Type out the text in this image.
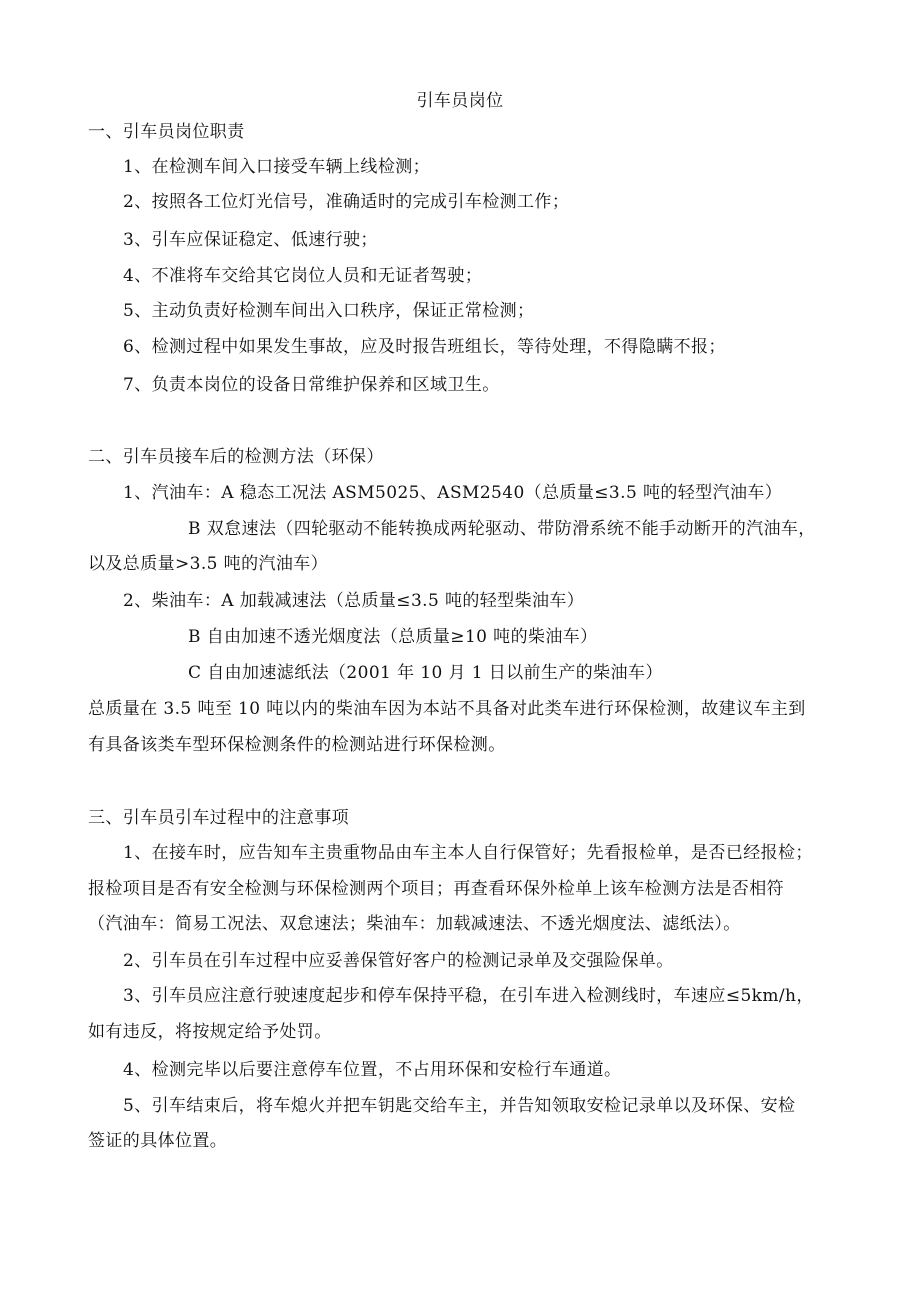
引车员岗位
一、引车员岗位职责
1、在检测车间入口接受车辆上线检测；
2、按照各工位灯光信号，准确适时的完成引车检测工作；
3、引车应保证稳定、低速行驶；
4、不准将车交给其它岗位人员和无证者驾驶；
5、主动负责好检测车间出入口秩序，保证正常检测；
6、检测过程中如果发生事故，应及时报告班组长，等待处理，不得隐瞒不报；
7、负责本岗位的设备日常维护保养和区域卫生。
二、引车员接车后的检测方法（环保）
1、汽油车：A 稳态工况法 ASM5025、ASM2540（总质量≤3.5 吨的轻型汽油车）
B 双怠速法（四轮驱动不能转换成两轮驱动、带防滑系统不能手动断开的汽油车，
以及总质量>3.5 吨的汽油车）
2、柴油车：A 加载减速法（总质量≤3.5 吨的轻型柴油车）
B 自由加速不透光烟度法（总质量≥10 吨的柴油车）
C 自由加速滤纸法（2001 年 10 月 1 日以前生产的柴油车）
总质量在 3.5 吨至 10 吨以内的柴油车因为本站不具备对此类车进行环保检测，故建议车主到
有具备该类车型环保检测条件的检测站进行环保检测。
三、引车员引车过程中的注意事项
1、在接车时，应告知车主贵重物品由车主本人自行保管好；先看报检单，是否已经报检；
报检项目是否有安全检测与环保检测两个项目；再查看环保外检单上该车检测方法是否相符
（汽油车：简易工况法、双怠速法；柴油车：加载减速法、不透光烟度法、滤纸法）。
2、引车员在引车过程中应妥善保管好客户的检测记录单及交强险保单。
3、引车员应注意行驶速度起步和停车保持平稳，在引车进入检测线时，车速应≤5km/h，
如有违反，将按规定给予处罚。
4、检测完毕以后要注意停车位置，不占用环保和安检行车通道。
5、引车结束后，将车熄火并把车钥匙交给车主，并告知领取安检记录单以及环保、安检
签证的具体位置。
